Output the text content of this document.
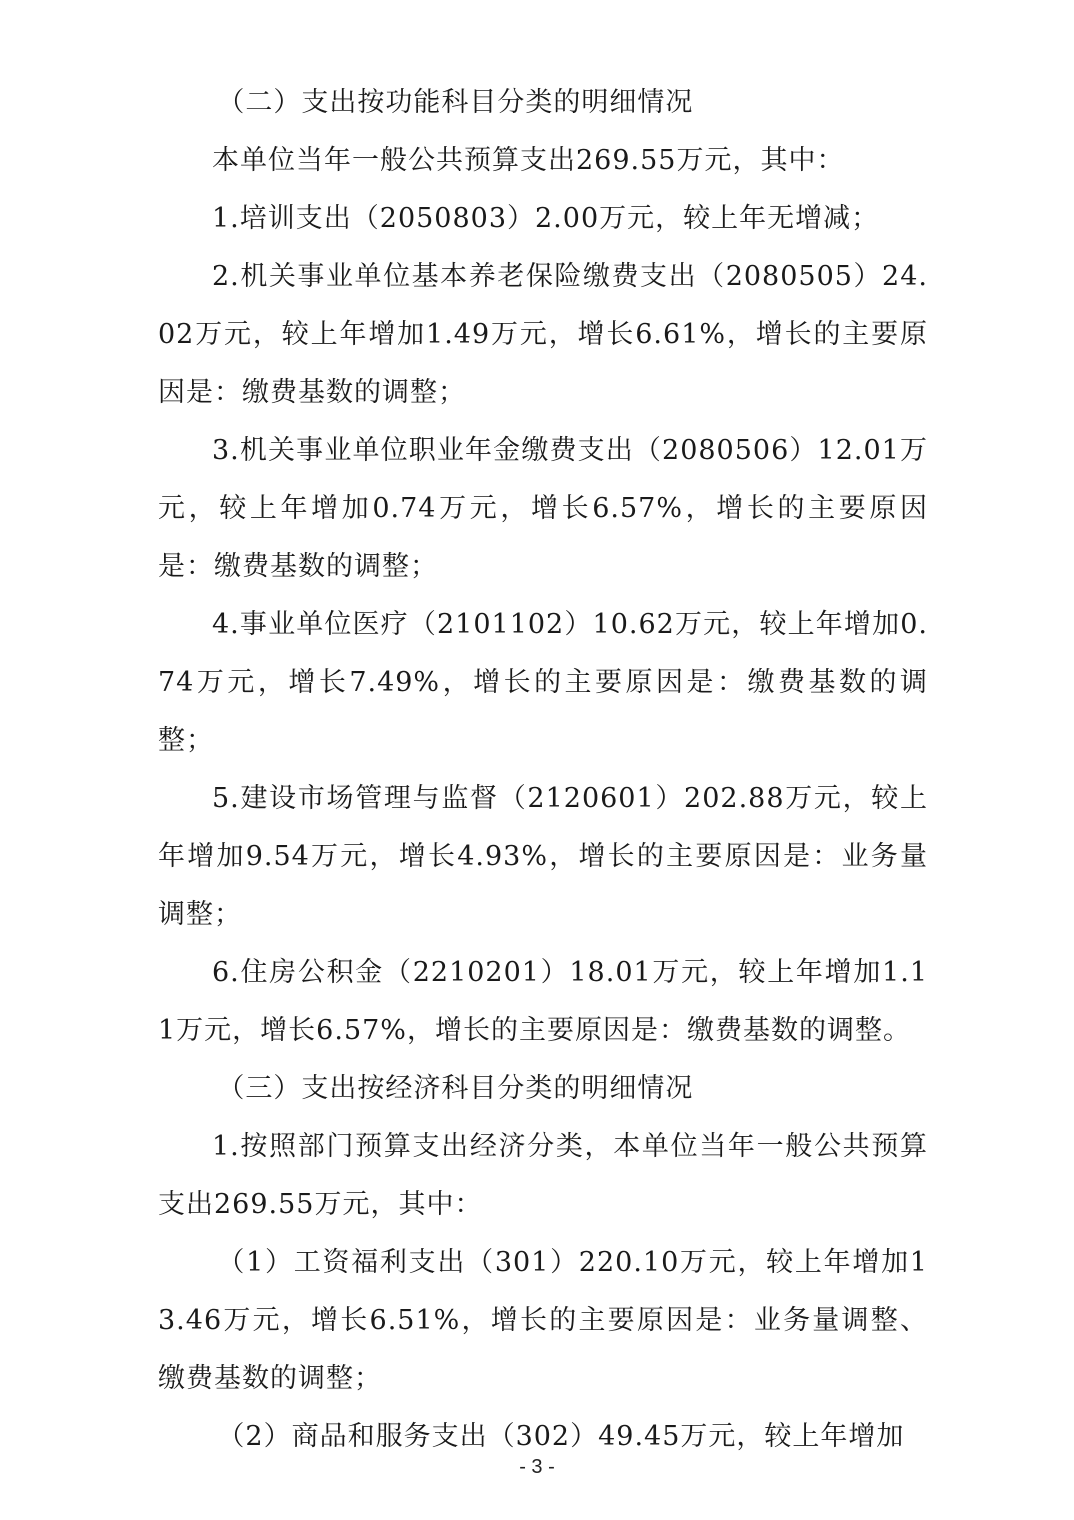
（二）支出按功能科目分类的明细情况

本单位当年一般公共预算支出269.55万元，其中：

1.培训支出（2050803）2.00万元，较上年无增减；

2.机关事业单位基本养老保险缴费支出（2080505）24.02万元，较上年增加1.49万元，增长6.61%，增长的主要原因是：缴费基数的调整；

3.机关事业单位职业年金缴费支出（2080506）12.01万元，较上年增加0.74万元，增长6.57%，增长的主要原因是：缴费基数的调整；

4.事业单位医疗（2101102）10.62万元，较上年增加0.74万元，增长7.49%，增长的主要原因是：缴费基数的调整；

5.建设市场管理与监督（2120601）202.88万元，较上年增加9.54万元，增长4.93%，增长的主要原因是：业务量调整；

6.住房公积金（2210201）18.01万元，较上年增加1.11万元，增长6.57%，增长的主要原因是：缴费基数的调整。

（三）支出按经济科目分类的明细情况

1.按照部门预算支出经济分类，本单位当年一般公共预算支出269.55万元，其中：

（1）工资福利支出（301）220.10万元，较上年增加13.46万元，增长6.51%，增长的主要原因是：业务量调整、缴费基数的调整；

（2）商品和服务支出（302）49.45万元，较上年增加

- 3 -
